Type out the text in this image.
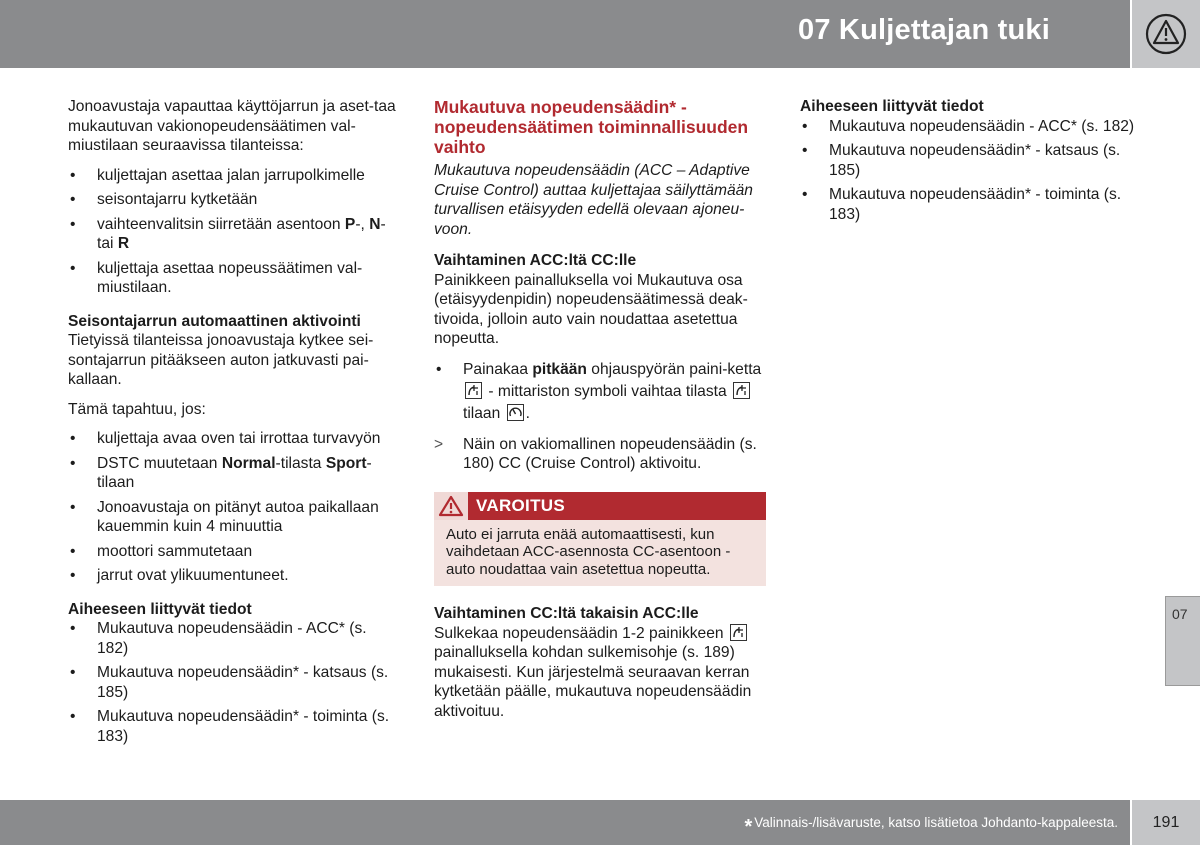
07 Kuljettajan tuki

Jonoavustaja vapauttaa käyttöjarrun ja aset-taa mukautuvan vakionopeudensäätimen val-miustilaan seuraavissa tilanteissa:

• kuljettajan asettaa jalan jarrupolkimelle
• seisontajarru kytketään
• vaihteenvalitsin siirretään asentoon P-, N-tai R
• kuljettaja asettaa nopeussäätimen val-miustilaan.
Seisontajarrun automaattinen aktivointi

Tietyissä tilanteissa jonoavustaja kytkee sei-sontajarrun pitääkseen auton jatkuvasti pai-kallaan.

Tämä tapahtuu, jos:

• kuljettaja avaa oven tai irrottaa turvavyön
• DSTC muutetaan Normal-tilasta Sport-tilaan
• Jonoavustaja on pitänyt autoa paikallaan kauemmin kuin 4 minuuttia
• moottori sammutetaan
• jarrut ovat ylikuumentuneet.
Aiheeseen liittyvät tiedot
• Mukautuva nopeudensäädin - ACC* (s. 182)
• Mukautuva nopeudensäädin* - katsaus (s. 185)
• Mukautuva nopeudensäädin* - toiminta (s. 183)
Mukautuva nopeudensäädin* - nopeudensäätimen toiminnallisuuden vaihto

Mukautuva nopeudensäädin (ACC – Adaptive Cruise Control) auttaa kuljettajaa säilyttämään turvallisen etäisyyden edellä olevaan ajoneu-voon.

Vaihtaminen ACC:ltä CC:lle

Painikkeen painalluksella voi Mukautuva osa (etäisyydenpidin) nopeudensäätimessä deak-tivoida, jolloin auto vain noudattaa asetettua nopeutta.

• Painakaa pitkään ohjauspyörän paini-ketta
- mittariston symboli vaihtaa tilasta
tilaan
.
> Näin on vakiomallinen nopeudensäädin (s. 180) CC (Cruise Control) aktivoitu.
VAROITUS
Auto ei jarruta enää automaattisesti, kun vaihdetaan ACC-asennosta CC-asentoon - auto noudattaa vain asetettua nopeutta.
Vaihtaminen CC:ltä takaisin ACC:lle

Sulkekaa nopeudensäädin 1-2 painikkeen
painalluksella kohdan sulkemisohje (s. 189) mukaisesti. Kun järjestelmä seuraavan kerran kytketään päälle, mukautuva nopeudensäädin aktivoituu.

Aiheeseen liittyvät tiedot
• Mukautuva nopeudensäädin - ACC* (s. 182)
• Mukautuva nopeudensäädin* - katsaus (s. 185)
• Mukautuva nopeudensäädin* - toiminta (s. 183)
07
* Valinnais-/lisävaruste, katso lisätietoa Johdanto-kappaleesta.	191
